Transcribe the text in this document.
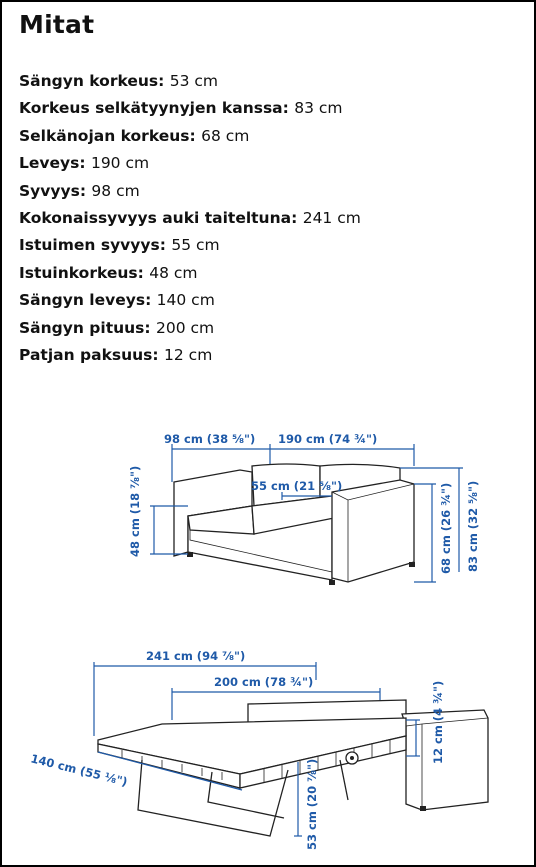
Mitat
Sängyn korkeus: 53 cm
Korkeus selkätyynyjen kanssa: 83 cm
Selkänojan korkeus: 68 cm
Leveys: 190 cm
Syvyys: 98 cm
Kokonaissyvyys auki taiteltuna: 241 cm
Istuimen syvyys: 55 cm
Istuinkorkeus: 48 cm
Sängyn leveys: 140 cm
Sängyn pituus: 200 cm
Patjan paksuus: 12 cm
98 cm (38 ⅝") 190 cm (74 ¾")
55 cm (21 ⅝")
48 cm (18 ⅞")	68 cm (26 ¾") 83 cm (32 ⅝")
241 cm (94 ⅞")
200 cm (78 ¾")
140 cm (55 ⅛")	53 cm (20 ⅞")
12 cm (4 ¾")
